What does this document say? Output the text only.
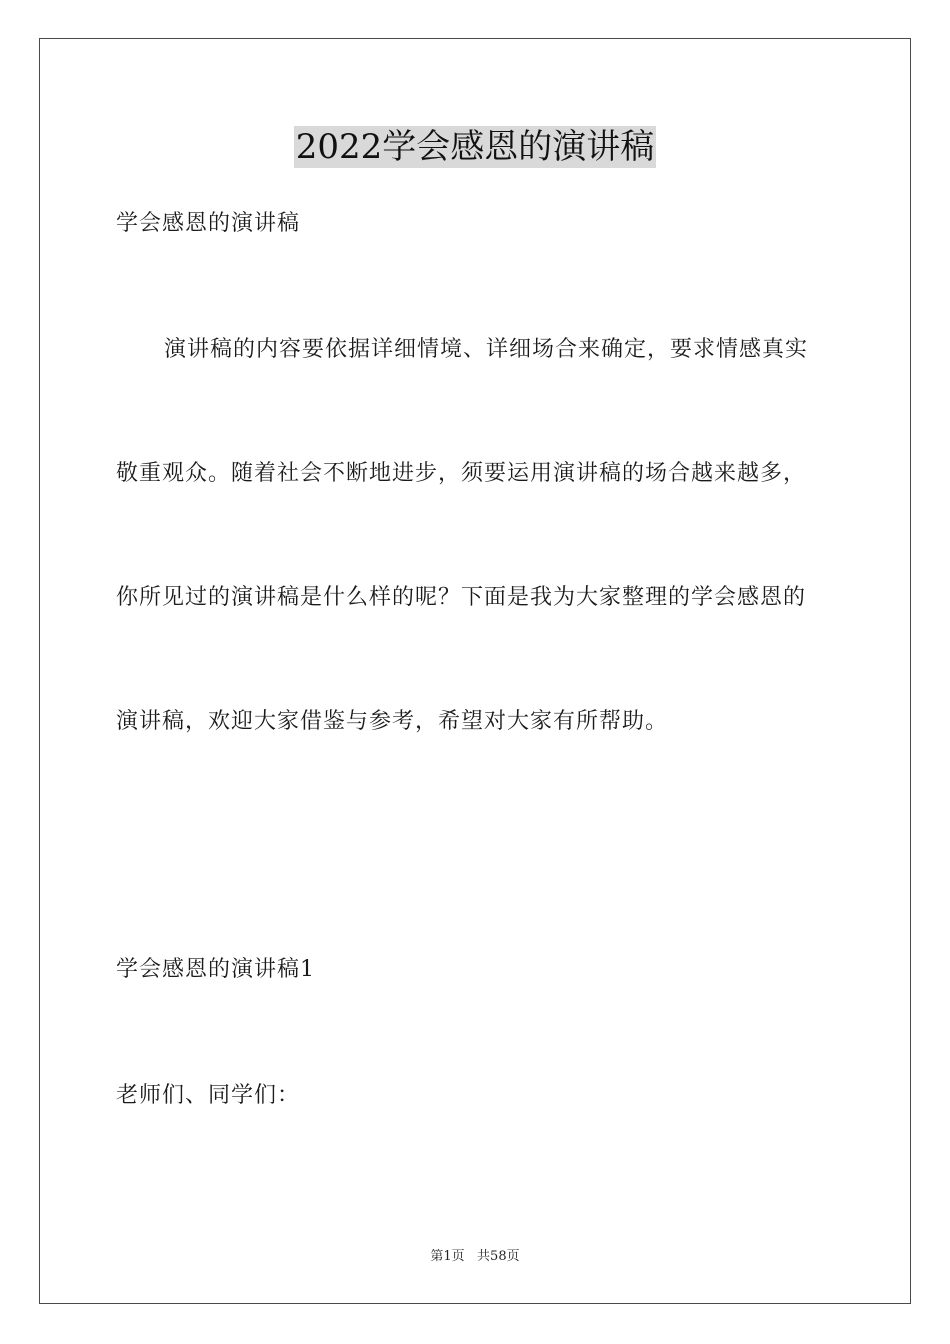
2022学会感恩的演讲稿
学会感恩的演讲稿
演讲稿的内容要依据详细情境、详细场合来确定，要求情感真实
敬重观众。随着社会不断地进步，须要运用演讲稿的场合越来越多，
你所见过的演讲稿是什么样的呢？下面是我为大家整理的学会感恩的
演讲稿，欢迎大家借鉴与参考，希望对大家有所帮助。
学会感恩的演讲稿1
老师们、同学们：
第1页   共58页
